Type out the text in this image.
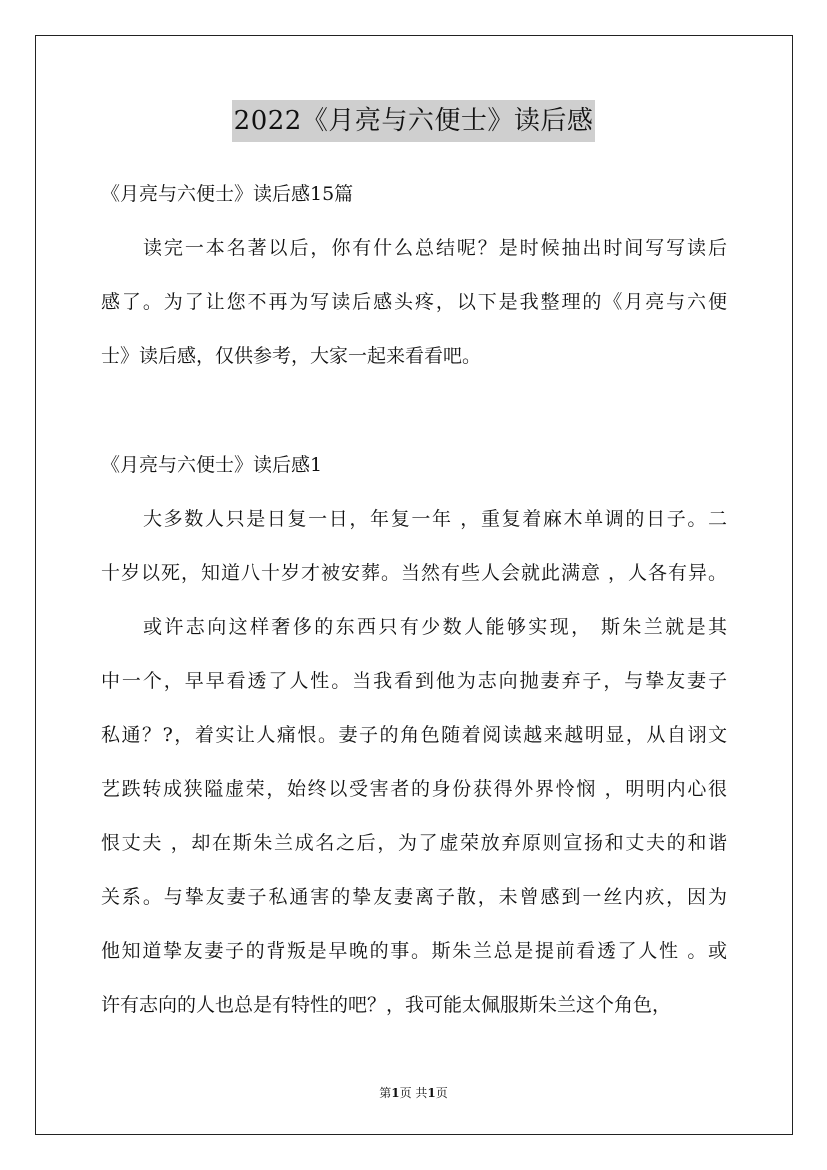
2022《月亮与六便士》读后感
《月亮与六便士》读后感15篇
读完一本名著以后，你有什么总结呢？是时候抽出时间写写读后
感了。为了让您不再为写读后感头疼，以下是我整理的《月亮与六便
士》读后感，仅供参考，大家一起来看看吧。
《月亮与六便士》读后感1
大多数人只是日复一日，年复一年 ，重复着麻木单调的日子。二
十岁以死，知道八十岁才被安葬。当然有些人会就此满意 ，人各有异。
或许志向这样奢侈的东西只有少数人能够实现， 斯朱兰就是其
中一个，早早看透了人性。当我看到他为志向抛妻弃子，与挚友妻子
私通？?，着实让人痛恨。妻子的角色随着阅读越来越明显，从自诩文
艺跌转成狭隘虚荣，始终以受害者的身份获得外界怜悯 ，明明内心很
恨丈夫 ，却在斯朱兰成名之后，为了虚荣放弃原则宣扬和丈夫的和谐
关系。与挚友妻子私通害的挚友妻离子散，未曾感到一丝内疚，因为
他知道挚友妻子的背叛是早晚的事。斯朱兰总是提前看透了人性 。或
许有志向的人也总是有特性的吧？，我可能太佩服斯朱兰这个角色，
第1页 共1页
